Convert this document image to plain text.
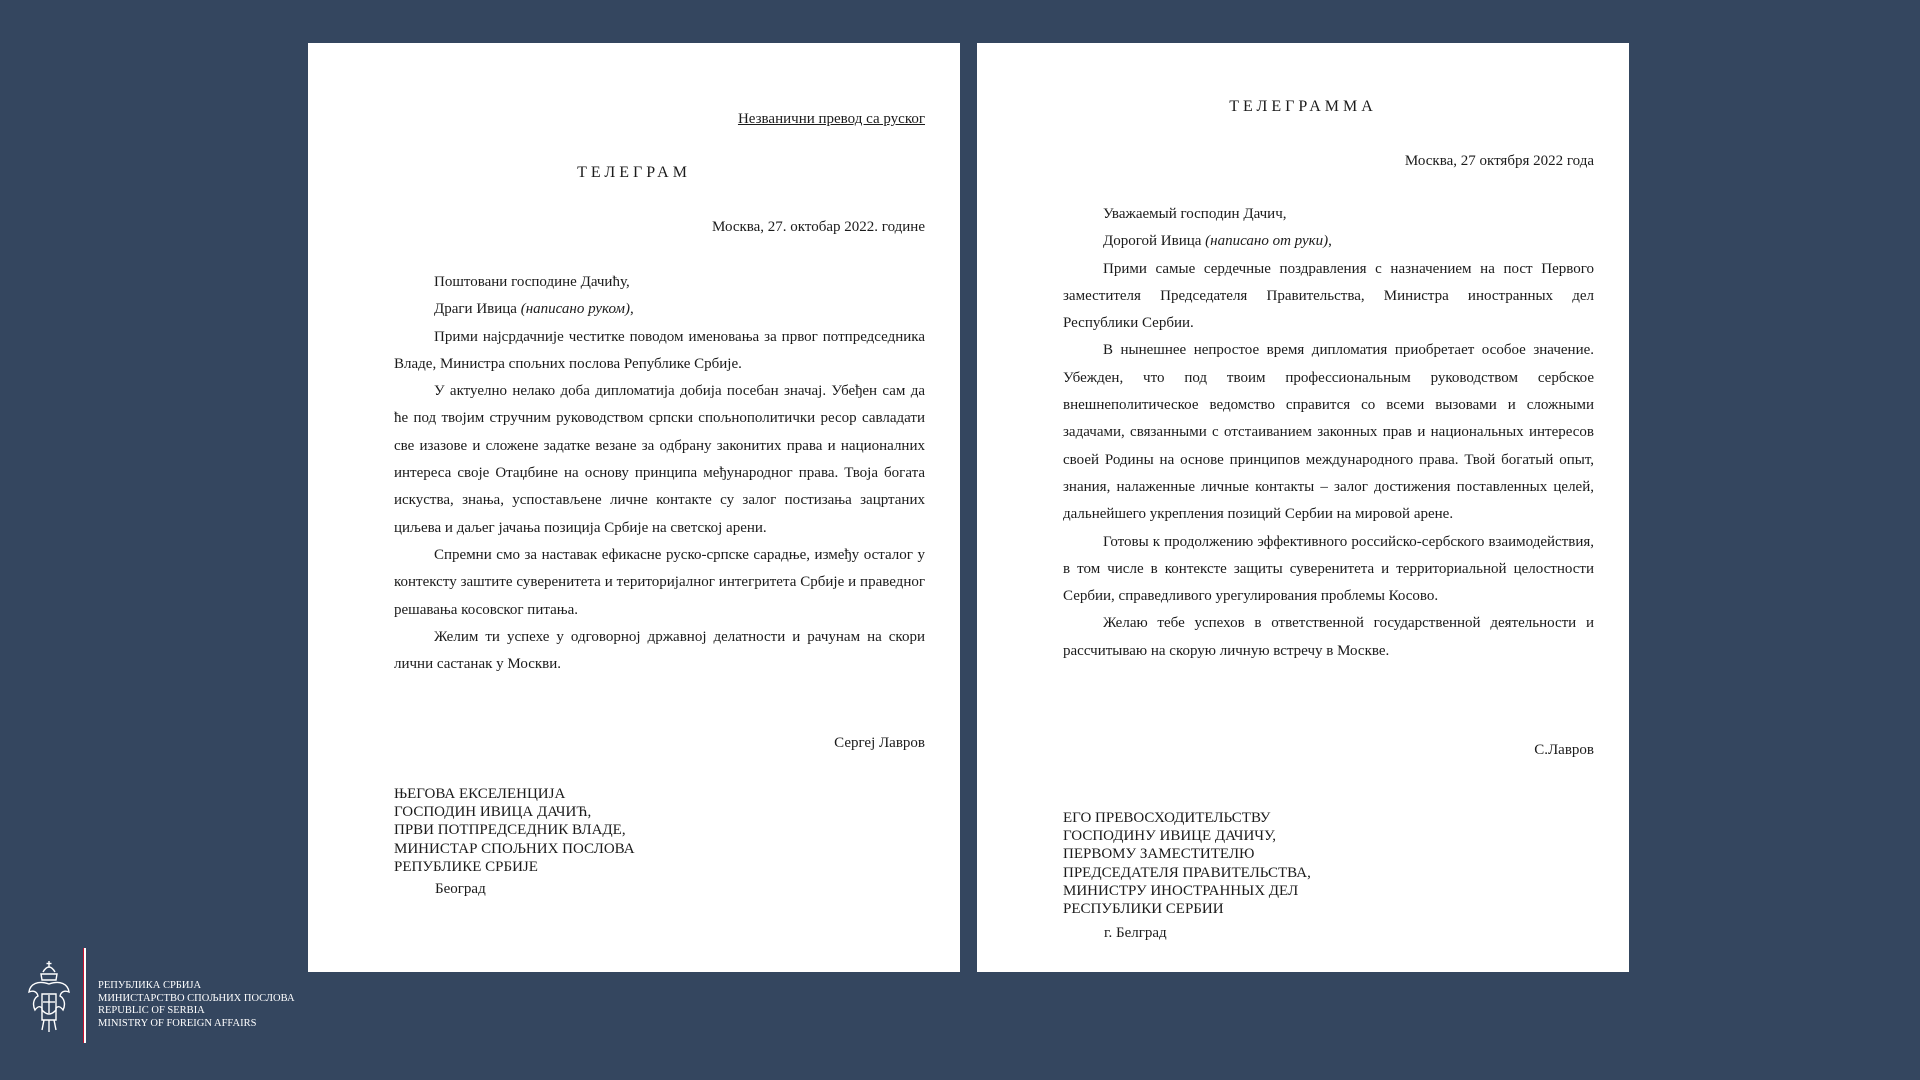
Незванични превод са руског
ТЕЛЕГРАМ
Москва, 27. октобар 2022. године

Поштовани господине Дачићу,

Драги Ивица (написано руком),

Прими најсрдачније честитке поводом именовања за првог потпредседника Владе, Министра спољних послова Републике Србије.

У актуелно нелако доба дипломатија добија посебан значај. Убеђен сам да ће под твојим стручним руководством српски спољнополитички ресор савладати све изазове и сложене задатке везане за одбрану законитих права и националних интереса своје Отаџбине на основу принципа међународног права. Твоја богата искуства, знања, успостављене личне контакте су залог постизања зацртаних циљева и даљег јачања позиција Србије на светској арени.

Спремни смо за наставак ефикасне руско-српске сарадње, између осталог у контексту заштите суверенитета и територијалног интегритета Србије и праведног решавања косовског питања.

Желим ти успехе у одговорној државној делатности и рачунам на скори лични састанак у Москви.

Сергеј Лавров
ЊЕГОВА ЕКСЕЛЕНЦИЈА
ГОСПОДИН ИВИЦА ДАЧИЋ,
ПРВИ ПОТПРЕДСЕДНИК ВЛАДЕ,
МИНИСТАР СПОЉНИХ ПОСЛОВА
РЕПУБЛИКЕ СРБИЈЕ
Београд
ТЕЛЕГРАММА
Москва, 27 октября 2022 года

Уважаемый господин Дачич,

Дорогой Ивица (написано от руки),

Прими самые сердечные поздравления с назначением на пост Первого заместителя Председателя Правительства, Министра иностранных дел Республики Сербии.

В нынешнее непростое время дипломатия приобретает особое значение. Убежден, что под твоим профессиональным руководством сербское внешнеполитическое ведомство справится со всеми вызовами и сложными задачами, связанными с отстаиванием законных прав и национальных интересов своей Родины на основе принципов международного права. Твой богатый опыт, знания, налаженные личные контакты – залог достижения поставленных целей, дальнейшего укрепления позиций Сербии на мировой арене.

Готовы к продолжению эффективного российско-сербского взаимодействия, в том числе в контексте защиты суверенитета и территориальной целостности Сербии, справедливого урегулирования проблемы Косово.

Желаю тебе успехов в ответственной государственной деятельности и рассчитываю на скорую личную встречу в Москве.

С.Лавров
ЕГО ПРЕВОСХОДИТЕЛЬСТВУ
ГОСПОДИНУ ИВИЦЕ ДАЧИЧУ,
ПЕРВОМУ ЗАМЕСТИТЕЛЮ
ПРЕДСЕДАТЕЛЯ ПРАВИТЕЛЬСТВА,
МИНИСТРУ ИНОСТРАННЫХ ДЕЛ
РЕСПУБЛИКИ СЕРБИИ
г. Белград
РЕПУБЛИКА СРБИЈА
МИНИСТАРСТВО СПОЉНИХ ПОСЛОВА
REPUBLIC OF SERBIA
MINISTRY OF FOREIGN AFFAIRS
